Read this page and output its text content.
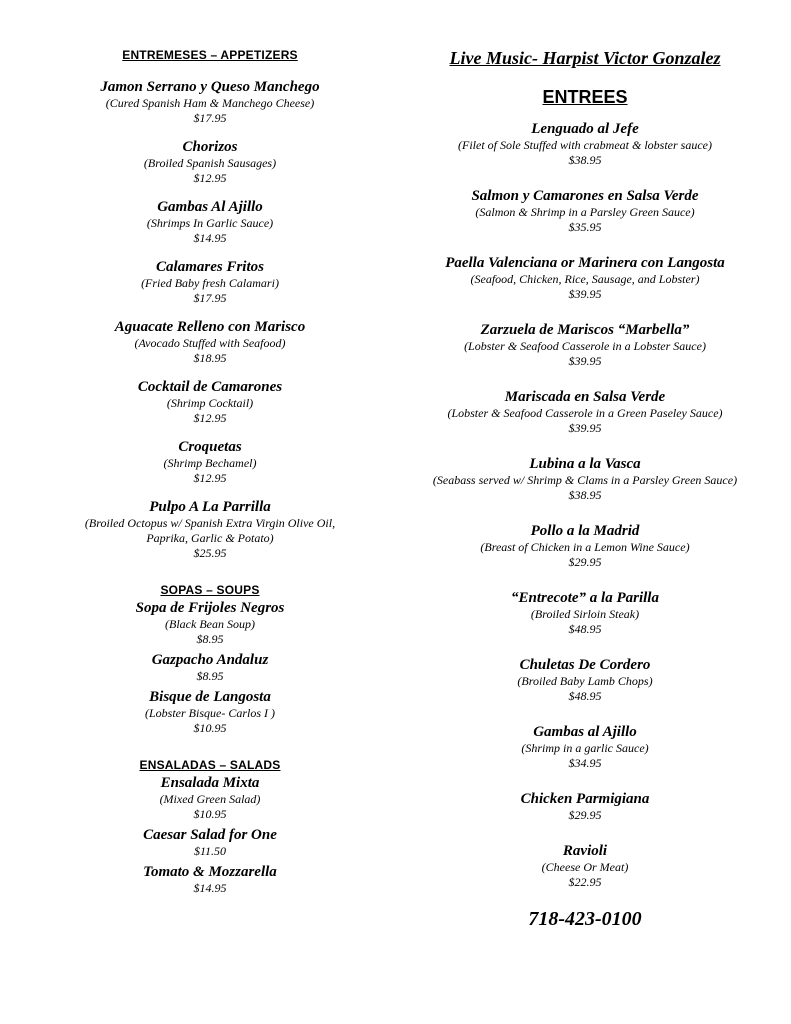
ENTREMESES – APPETIZERS
Jamon Serrano y Queso Manchego
(Cured Spanish Ham & Manchego Cheese)
$17.95
Chorizos
(Broiled Spanish Sausages)
$12.95
Gambas Al Ajillo
(Shrimps In Garlic Sauce)
$14.95
Calamares Fritos
(Fried Baby fresh Calamari)
$17.95
Aguacate Relleno con Marisco
(Avocado Stuffed with Seafood)
$18.95
Cocktail de Camarones
(Shrimp Cocktail)
$12.95
Croquetas
(Shrimp Bechamel)
$12.95
Pulpo A La Parrilla
(Broiled Octopus w/ Spanish Extra Virgin Olive Oil,
Paprika, Garlic & Potato)
$25.95
SOPAS – SOUPS
Sopa de Frijoles Negros
(Black Bean Soup)
$8.95
Gazpacho Andaluz
$8.95
Bisque de Langosta
(Lobster Bisque- Carlos I )
$10.95
ENSALADAS – SALADS
Ensalada Mixta
(Mixed Green Salad)
$10.95
Caesar Salad for One
$11.50
Tomato & Mozzarella
$14.95
Live Music- Harpist Victor Gonzalez
ENTREES
Lenguado al Jefe
(Filet of Sole Stuffed with crabmeat & lobster sauce)
$38.95
Salmon y Camarones en Salsa Verde
(Salmon & Shrimp in a Parsley Green Sauce)
$35.95
Paella Valenciana or Marinera con Langosta
(Seafood, Chicken, Rice, Sausage, and Lobster)
$39.95
Zarzuela de Mariscos “Marbella”
(Lobster & Seafood Casserole in a Lobster Sauce)
$39.95
Mariscada en Salsa Verde
(Lobster & Seafood Casserole in a Green Paseley Sauce)
$39.95
Lubina a la Vasca
(Seabass served w/ Shrimp & Clams in a Parsley Green Sauce)
$38.95
Pollo a la Madrid
(Breast of Chicken in a Lemon Wine Sauce)
$29.95
“Entrecote” a la Parilla
(Broiled Sirloin Steak)
$48.95
Chuletas De Cordero
(Broiled Baby Lamb Chops)
$48.95
Gambas al Ajillo
(Shrimp in a garlic Sauce)
$34.95
Chicken Parmigiana
$29.95
Ravioli
(Cheese Or Meat)
$22.95
718-423-0100
